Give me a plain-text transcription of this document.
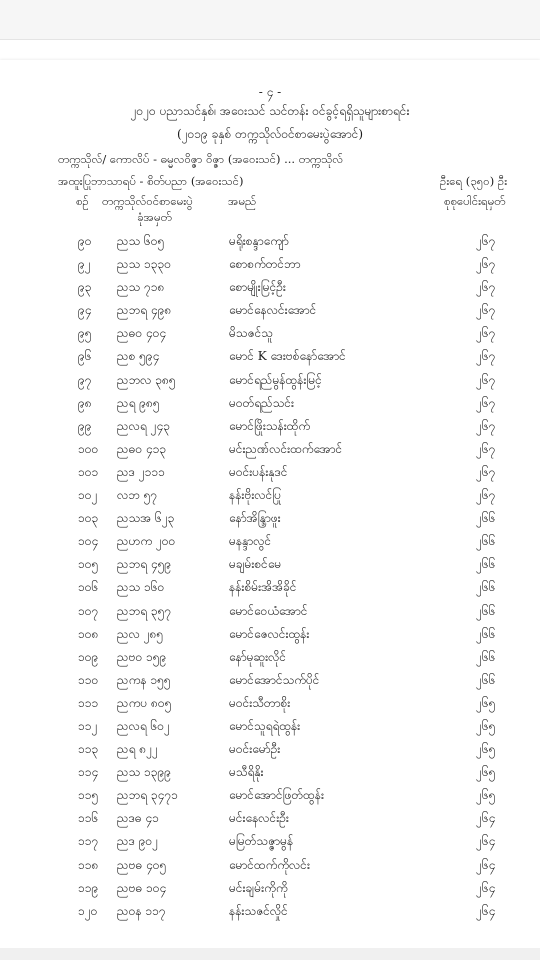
- ၄ -
၂၀၂၀ ပညာသင်နှစ်၊ အဝေးသင် သင်တန်း ဝင်ခွင့်ရရှိသူများစာရင်း
(၂၀၁၉ ခုနှစ် တက္ကသိုလ်ဝင်စာမေးပွဲအောင်)
တက္ကသိုလ်/ ကောလိပ် - ဓမ္မလဝိဇ္ဇာ ဝိဇ္ဇာ (အဝေးသင်) ... တက္ကသိုလ်
အထူးပြုဘာသာရပ် - စိတ်ပညာ (အဝေးသင်)	ဦးရေ (၃၅၀) ဦး
စဉ် တက္ကသိုလ်ဝင်စာမေးပွဲ
ခုံအမှတ်
အမည်	စုစုပေါင်းရမှတ်
၉၀ ညသ ၆၀၅	မရိုးစန္ဒာကျော်	၂၆၇
၉၂ ညသ ၁၃၃၀	စောစက်တင်ဘာ	၂၆၇
၉၃ ညသ ၇၁၈	စောမျိုးမြင့်ဦး	၂၆၇
၉၄ ညဘရ ၄၉၈	မောင်နေလင်းအောင်	၂၆၇
၉၅ ညဓဝ ၄၀၄	မိသဇင်သူ	၂၆၇
၉၆ ညစ ၅၉၄	မောင် K ဒေးဗစ်နော်အောင်	၂၆၇
၉၇ ညဘလ ၃၈၅	မောင်ရည်မွန်ထွန်းမြင့်	၂၆၇
၉၈ ညရ ၉၈၅	မဝတ်ရည်သင်း	၂၆၇
၉၉ ညလရ ၂၄၃	မောင်ဖြိုးသန်းထိုက်	၂၆၇
၁၀၀ ညဓဝ ၄၁၃	မင်းညဏ်လင်းထက်အောင်	၂၆၇
၁၀၁ ညဒ ၂၁၁၁	မဝင်းပန်းနုဒင်	၂၆၇
၁၀၂ လဘ ၅၇	နန်းဗိုးလင်ပြု	၂၆၇
၁၀၃ ညသအ ၆၂၃	နော်အိန္ဒြာဖူး	၂၆၆
၁၀၄ ညဟက ၂၀၀	မနန္ဒာလွင်	၂၆၆
၁၀၅ ညဘရ ၄၅၉	မချမ်းစင်မေ	၂၆၆
၁၀၆ ညသ ၁၆၀	နန်းစိမ်းအိအိခိုင်	၂၆၆
၁၀၇ ညဘရ ၃၅၇	မောင်ဝေယံအောင်	၂၆၆
၁၀၈ ညလ ၂၈၅	မောင်ဇေလင်းထွန်း	၂၆၆
၁၀၉ ညဗဝ ၁၅၉	နော်မုဆူးလိုင်	၂၆၆
၁၁၀ ညကန ၁၅၅	မောင်အောင်သက်ပိုင်	၂၆၆
၁၁၁ ညကပ ၈၀၅	မဝင်းသီတာစိုး	၂၆၅
၁၁၂ ညလရ ၆၀၂	မောင်သူရရဲထွန်း	၂၆၅
၁၁၃ ညရ ၈၂၂	မဝင်းမော်ဦး	၂၆၅
၁၁၄ ညသ ၁၃၉၉	မသီရိနိုး	၂၆၅
၁၁၅ ညဘရ ၃၄၇၁	မောင်အောင်ဖြတ်ထွန်း	၂၆၅
၁၁၆ ညဒဓ ၄၁	မင်းနေလင်းဦး	၂၆၄
၁၁၇ ညဒ ၉၀၂	မမြတ်သဇ္ဇာမွန်	၂၆၄
၁၁၈ ညဗဓ ၄၀၅	မောင်ထက်ကိုလင်း	၂၆၄
၁၁၉ ညဗဓ ၁၀၄	မင်းချမ်းကိုကို	၂၆၄
၁၂၀ ညဝန ၁၁၇	နန်းသဇင်လှိုင်	၂၆၄
